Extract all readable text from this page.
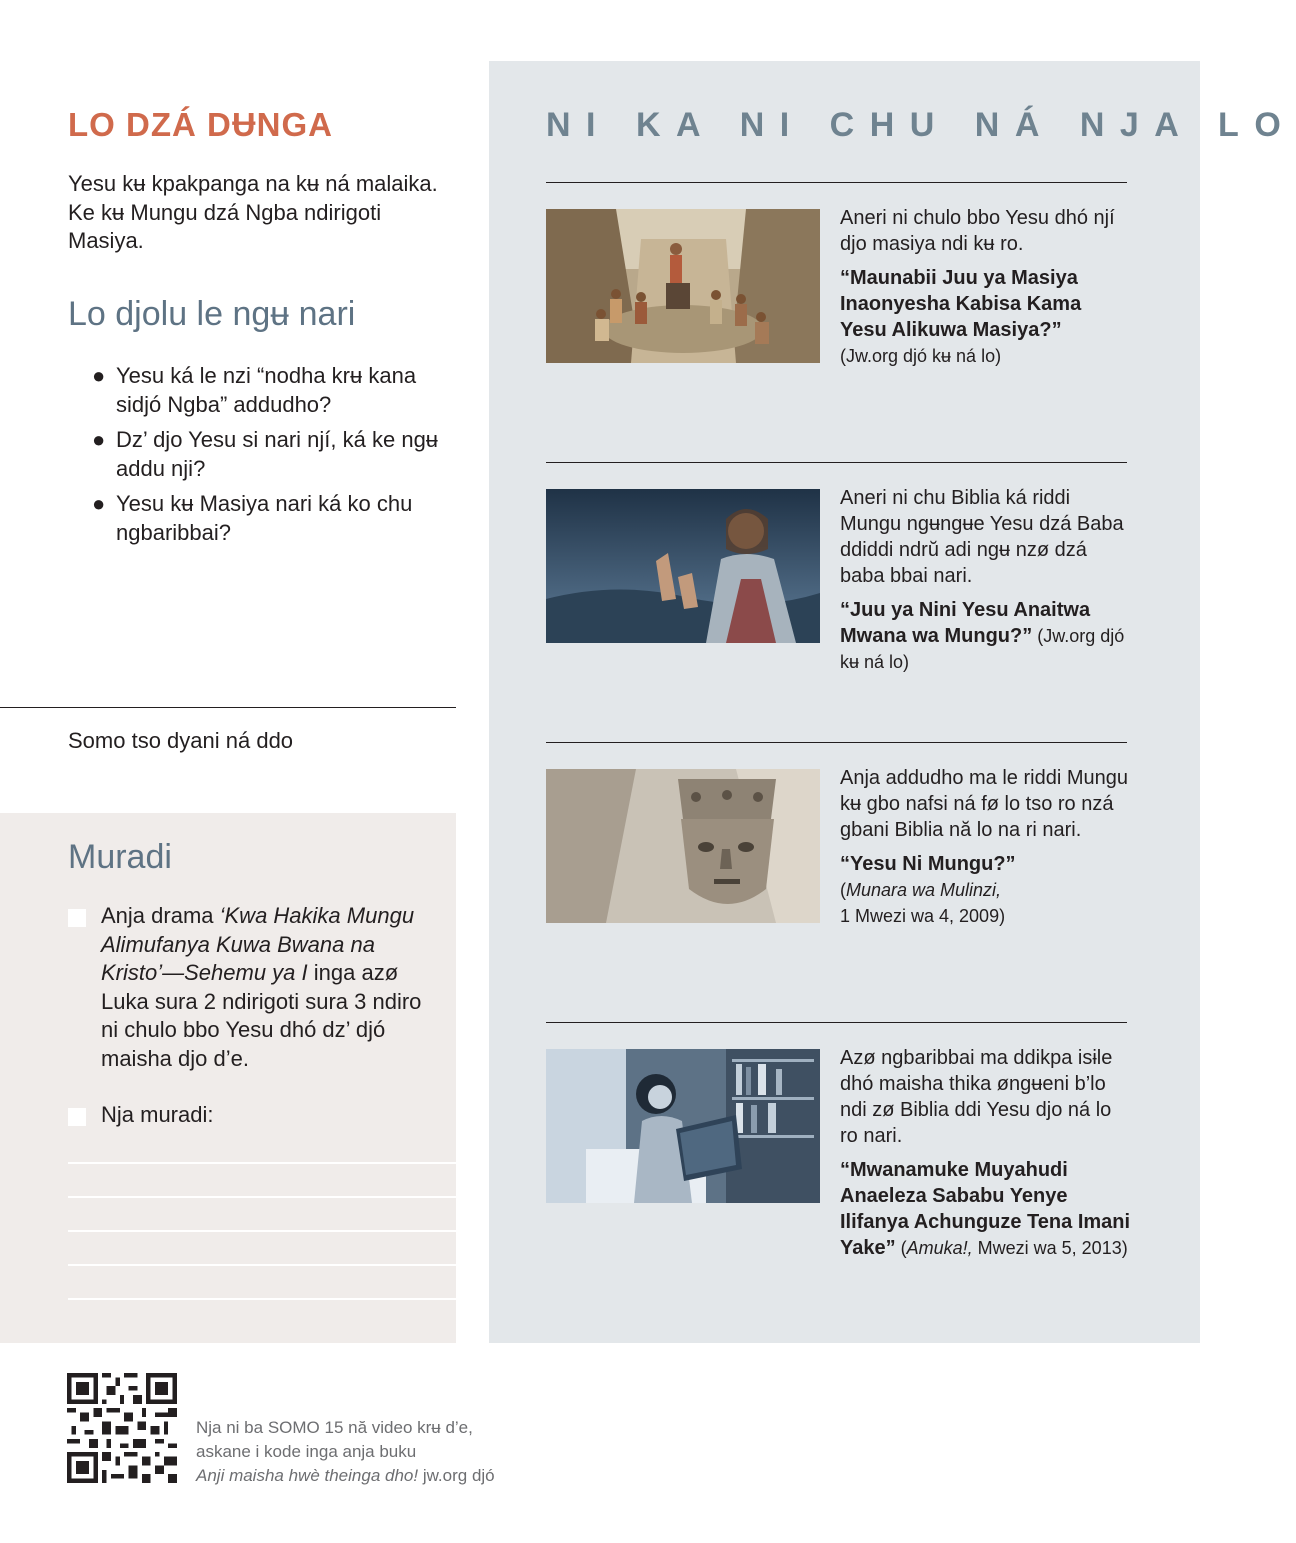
LO DZÁ DɄNGA

Yesu kʉ kpakpanga na kʉ ná malaika. Ke kʉ Mungu dzá Ngba ndirigoti Masiya.

Lo djolu le ngʉ nari
● Yesu ká le nzi “nodha krʉ kana sidjó Ngba” addudho?
● Dz’ djo Yesu si nari njí, ká ke ngʉ addu nji?
● Yesu kʉ Masiya nari ká ko chu ngbaribbai?

Somo tso dyani ná ddo

Muradi

Anja drama ‘Kwa Hakika Mungu Alimufanya Kuwa Bwana na Kristo’—Sehemu ya I inga azø Luka sura 2 ndirigoti sura 3 ndiro ni chulo bbo Yesu dhó dz’ djó maisha djo d’e.

Nja muradi:

NI KA NI CHU NÁ NJA LO

Aneri ni chulo bbo Yesu dhó njí djo masiya ndi kʉ ro.

“Maunabii Juu ya Masiya Inaonyesha Kabisa Kama Yesu Alikuwa Masiya?”
(Jw.org djó kʉ ná lo)

Aneri ni chu Biblia ká riddi Mungu ngʉngʉe Yesu dzá Baba ddiddi ndrŭ adi ngʉ nzø dzá baba bbai nari.

“Juu ya Nini Yesu Anaitwa Mwana wa Mungu?” (Jw.org djó kʉ ná lo)

Anja addudho ma le riddi Mungu kʉ gbo nafsi ná fø lo tso ro nzá gbani Biblia nă lo na ri nari.

“Yesu Ni Mungu?”
(Munara wa Mulinzi,
1 Mwezi wa 4, 2009)

Azø ngbaribbai ma ddikpa isɨle dhó maisha thika øngʉeni b’lo ndi zø Biblia ddi Yesu djo ná lo ro nari.

“Mwanamuke Muyahudi Anaeleza Sababu Yenye Ilifanya Achunguze Tena Imani Yake” (Amuka!, Mwezi wa 5, 2013)

Nja ni ba SOMO 15 nă video krʉ d’e,
askane i kode inga anja buku
Anji maisha hwè theinga dho! jw.org djó
